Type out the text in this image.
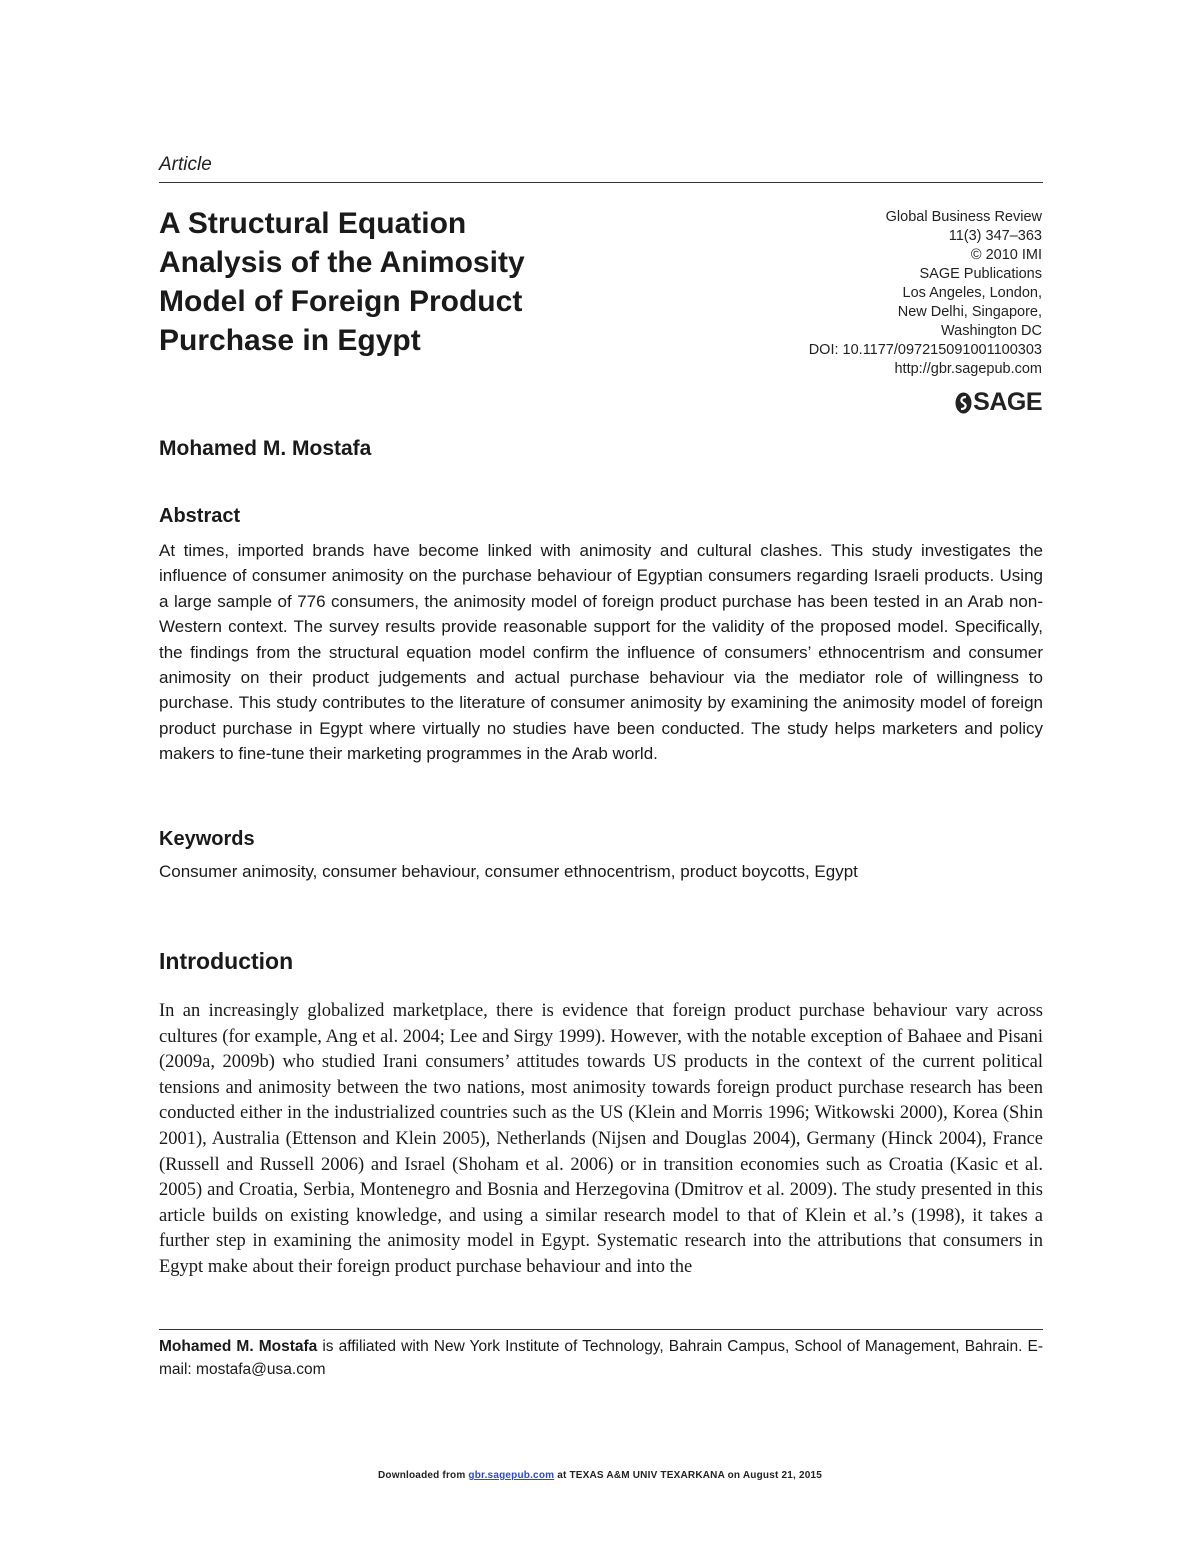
Article
A Structural Equation
Analysis of the Animosity
Model of Foreign Product
Purchase in Egypt
Global Business Review
11(3) 347–363
© 2010 IMI
SAGE Publications
Los Angeles, London,
New Delhi, Singapore,
Washington DC
DOI: 10.1177/097215091001100303
http://gbr.sagepub.com
SAGE
Mohamed M. Mostafa
Abstract

At times, imported brands have become linked with animosity and cultural clashes. This study investigates the influence of consumer animosity on the purchase behaviour of Egyptian consumers regarding Israeli products. Using a large sample of 776 consumers, the animosity model of foreign product purchase has been tested in an Arab non-Western context. The survey results provide reasonable support for the validity of the proposed model. Specifically, the findings from the structural equation model confirm the influence of consumers’ ethnocentrism and consumer animosity on their product judgements and actual purchase behaviour via the mediator role of willingness to purchase. This study contributes to the literature of consumer animosity by examining the animosity model of foreign product purchase in Egypt where virtually no studies have been conducted. The study helps marketers and policy makers to fine-tune their marketing programmes in the Arab world.

Keywords

Consumer animosity, consumer behaviour, consumer ethnocentrism, product boycotts, Egypt

Introduction

In an increasingly globalized marketplace, there is evidence that foreign product purchase behaviour vary across cultures (for example, Ang et al. 2004; Lee and Sirgy 1999). However, with the notable exception of Bahaee and Pisani (2009a, 2009b) who studied Irani consumers’ attitudes towards US products in the context of the current political tensions and animosity between the two nations, most animosity towards foreign product purchase research has been conducted either in the industrialized countries such as the US (Klein and Morris 1996; Witkowski 2000), Korea (Shin 2001), Australia (Ettenson and Klein 2005), Netherlands (Nijsen and Douglas 2004), Germany (Hinck 2004), France (Russell and Russell 2006) and Israel (Shoham et al. 2006) or in transition economies such as Croatia (Kasic et al. 2005) and Croatia, Serbia, Montenegro and Bosnia and Herzegovina (Dmitrov et al. 2009). The study presented in this article builds on existing knowledge, and using a similar research model to that of Klein et al.’s (1998), it takes a further step in examining the animosity model in Egypt. Systematic research into the attributions that consumers in Egypt make about their foreign product purchase behaviour and into the

Mohamed M. Mostafa is affiliated with New York Institute of Technology, Bahrain Campus, School of Management, Bahrain. E-mail: mostafa@usa.com

Downloaded from gbr.sagepub.com at TEXAS A&M UNIV TEXARKANA on August 21, 2015
